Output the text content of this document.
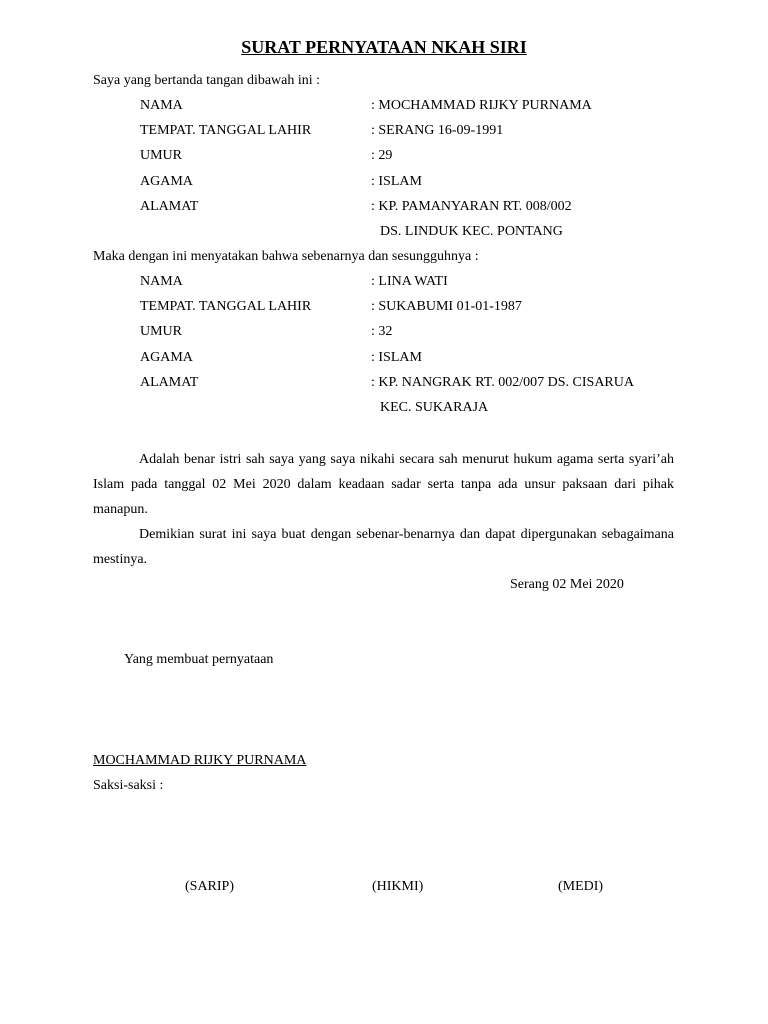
SURAT PERNYATAAN NKAH SIRI
Saya yang bertanda tangan dibawah ini :
NAMA	: MOCHAMMAD RIJKY PURNAMA
TEMPAT. TANGGAL LAHIR	: SERANG 16-09-1991
UMUR	: 29
AGAMA	: ISLAM
ALAMAT	: KP. PAMANYARAN RT. 008/002
DS. LINDUK KEC. PONTANG
Maka dengan ini menyatakan bahwa sebenarnya dan sesungguhnya :
NAMA	: LINA WATI
TEMPAT. TANGGAL LAHIR	: SUKABUMI 01-01-1987
UMUR	: 32
AGAMA	: ISLAM
ALAMAT	: KP. NANGRAK RT. 002/007 DS. CISARUA
KEC. SUKARAJA

Adalah benar istri sah saya yang saya nikahi secara sah menurut hukum agama serta syari’ah Islam pada tanggal 02 Mei 2020 dalam keadaan sadar serta tanpa ada unsur paksaan dari pihak manapun.

Demikian surat ini saya buat dengan sebenar-benarnya dan dapat dipergunakan sebagaimana mestinya.

Serang 02 Mei 2020
Yang membuat pernyataan
MOCHAMMAD RIJKY PURNAMA
Saksi-saksi :
(SARIP)	(HIKMI)	(MEDI)
